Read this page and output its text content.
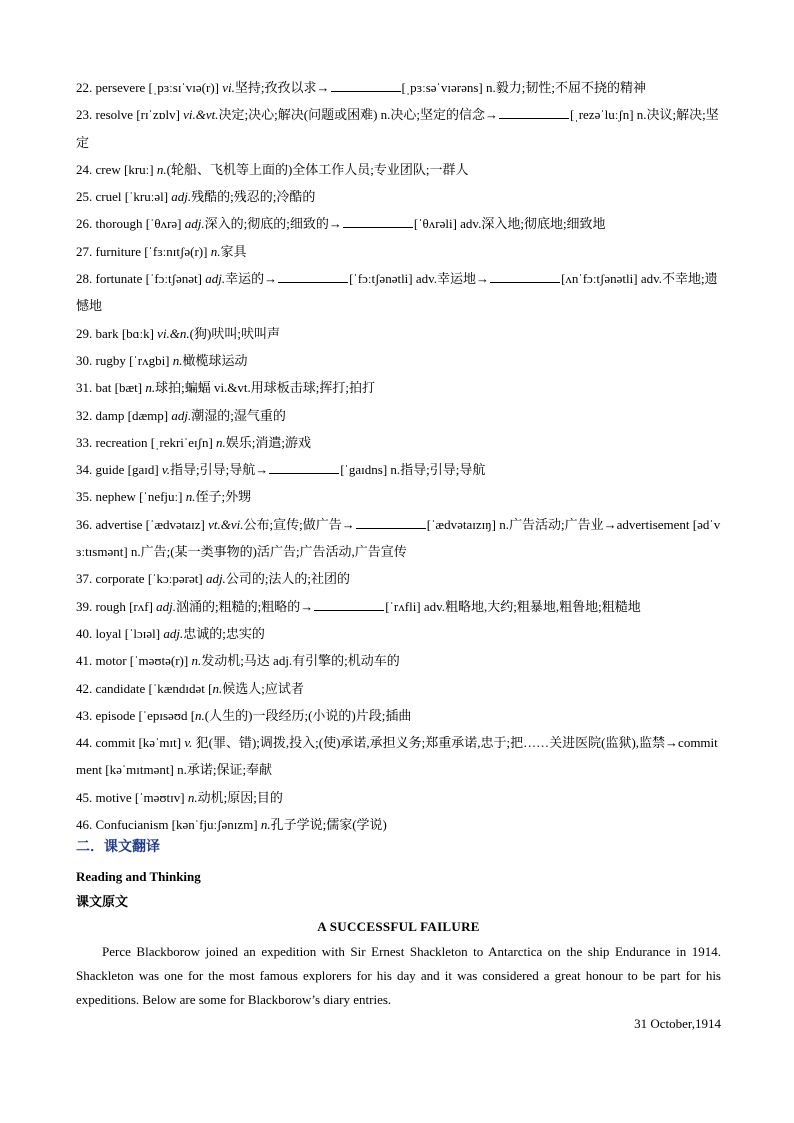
22. persevere [ˌpɜːsɪˈvɪə(r)] vi.坚持;孜孜以求→	[ˌpɜːsəˈvɪərəns] n.毅力;韧性;不屈不挠的精神

23. resolve [rɪˈzɒlv] vi.&vt.决定;决心;解决(问题或困难) n.决心;坚定的信念→	[ˌrezəˈluːʃn] n.决议;解决;坚定

24. crew [kruː] n.(轮船、飞机等上面的)全体工作人员;专业团队;一群人

25. cruel [ˈkruːəl] adj.残酷的;残忍的;冷酷的

26. thorough [ˈθʌrə] adj.深入的;彻底的;细致的→	[ˈθʌrəli] adv.深入地;彻底地;细致地

27. furniture [ˈfɜːnɪtʃə(r)] n.家具

28. fortunate [ˈfɔːtʃənət] adj.幸运的→	[ˈfɔːtʃənətli] adv.幸运地→	[ʌnˈfɔːtʃənətli] adv.不幸地;遗憾地

29. bark [bɑːk] vi.&n.(狗)吠叫;吠叫声

30. rugby [ˈrʌgbi] n.橄榄球运动

31. bat [bæt] n.球拍;蝙蝠 vi.&vt.用球板击球;挥打;拍打

32. damp [dæmp] adj.潮湿的;湿气重的

33. recreation [ˌrekriˈeɪʃn] n.娱乐;消遣;游戏

34. guide [gaɪd] v.指导;引导;导航→	[ˈgaɪdns] n.指导;引导;导航

35. nephew [ˈnefjuː] n.侄子;外甥

36. advertise [ˈædvətaɪz] vt.&vi.公布;宣传;做广告→	[ˈædvətaɪzɪŋ] n.广告活动;广告业→advertisement [ədˈvɜːtɪsmənt] n.广告;(某一类事物的)活广告;广告活动,广告宣传

37. corporate [ˈkɔːpərət] adj.公司的;法人的;社团的

39. rough [rʌf] adj.汹涌的;粗糙的;粗略的→	[ˈrʌfli] adv.粗略地,大约;粗暴地,粗鲁地;粗糙地

40. loyal [ˈlɔɪəl] adj.忠诚的;忠实的

41. motor [ˈməʊtə(r)] n.发动机;马达 adj.有引擎的;机动车的

42. candidate [ˈkændɪdət [n.候选人;应试者

43. episode [ˈepɪsəʊd [n.(人生的)一段经历;(小说的)片段;插曲

44. commit [kəˈmɪt] v. 犯(罪、错);调拨,投入;(使)承诺,承担义务;郑重承诺,忠于;把……关进医院(监狱),监禁→commitment [kəˈmɪtmənt] n.承诺;保证;奉献

45. motive [ˈməʊtɪv] n.动机;原因;目的

46. Confucianism [kənˈfjuːʃənɪzm] n.孔子学说;儒家(学说)

二．课文翻译

Reading and Thinking

课文原文

A SUCCESSFUL FAILURE

Perce Blackborow joined an expedition with Sir Ernest Shackleton to Antarctica on the ship Endurance in 1914. Shackleton was one for the most famous explorers for his day and it was considered a great honour to be part for his expeditions. Below are some for Blackborow’s diary entries.

31 October,1914
